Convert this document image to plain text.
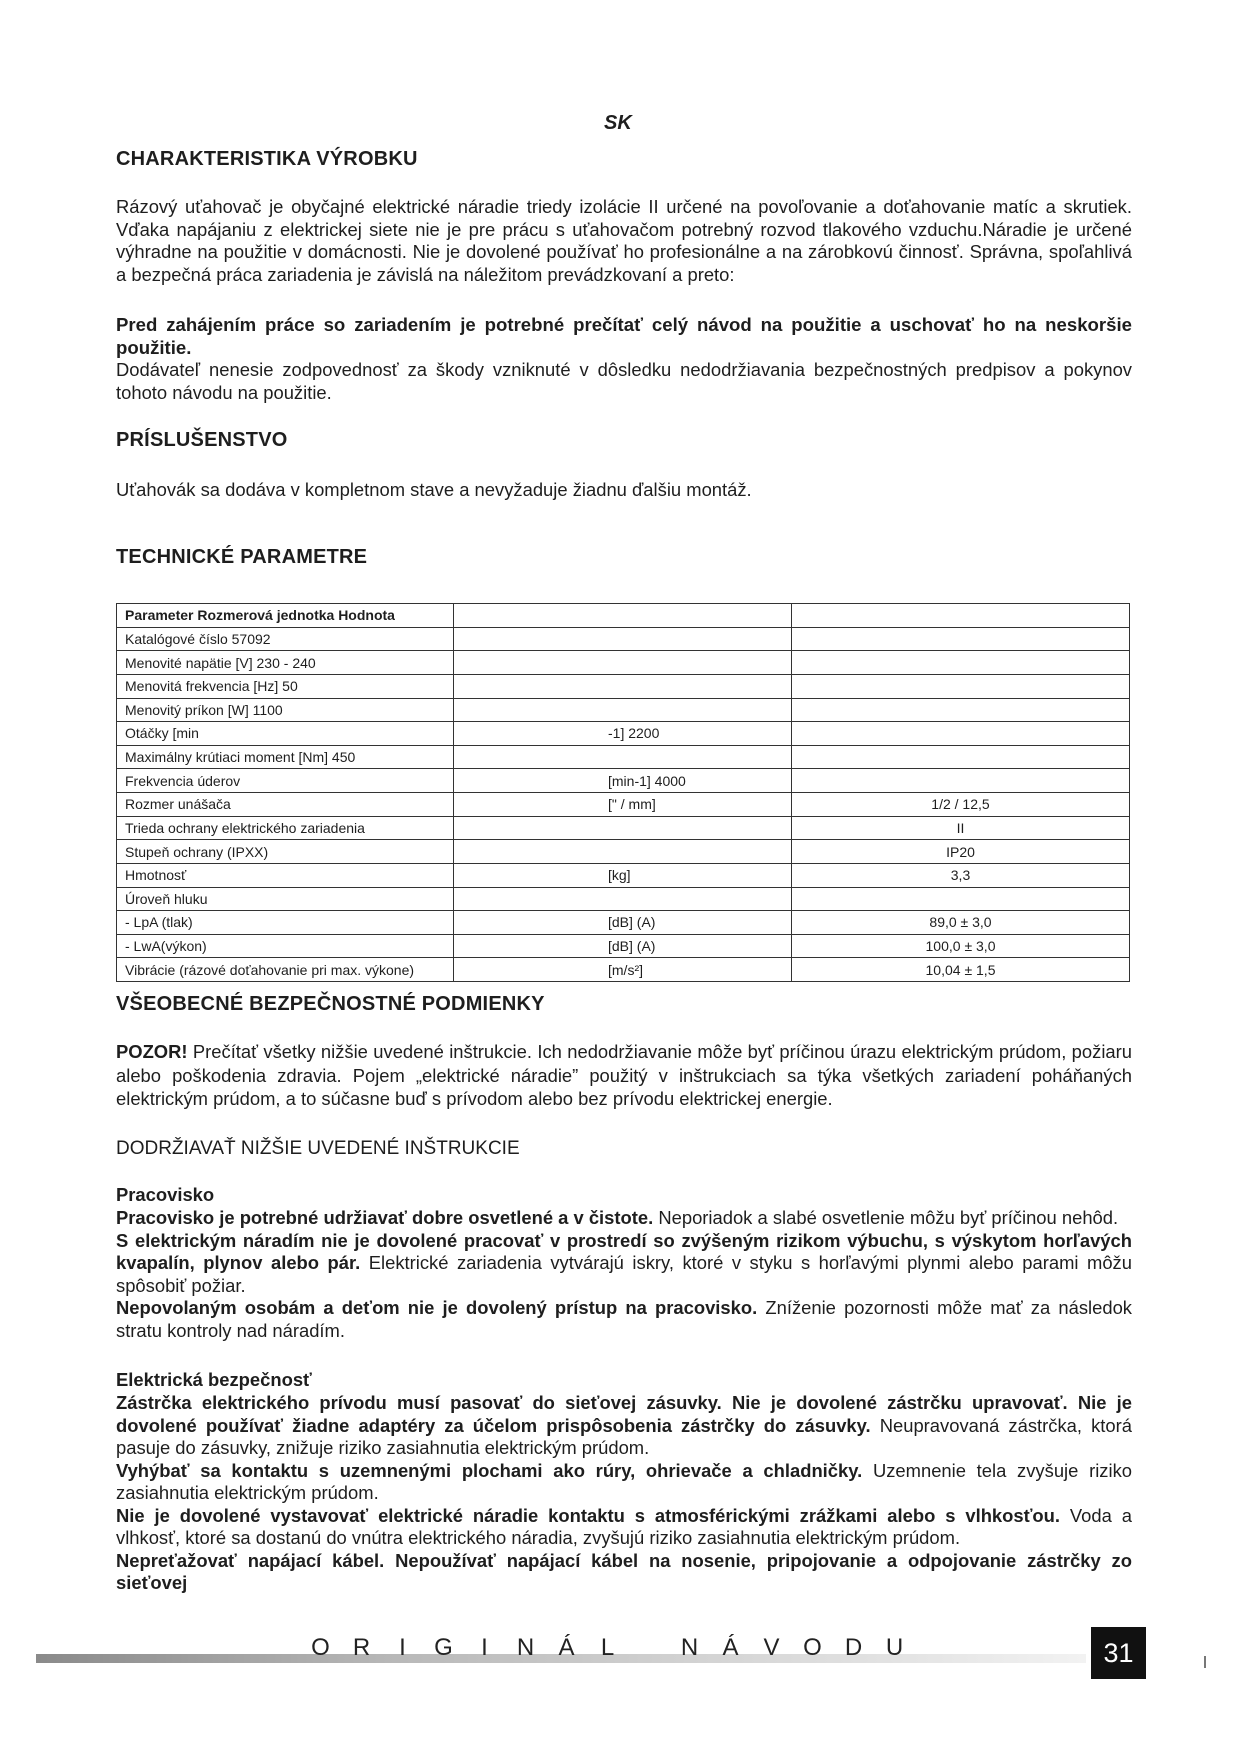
SK
CHARAKTERISTIKA VÝROBKU
Rázový uťahovač je obyčajné elektrické náradie triedy izolácie II určené na povoľovanie a doťahovanie matíc a skrutiek. Vďaka napájaniu z elektrickej siete nie je pre prácu s uťahovačom potrebný rozvod tlakového vzduchu.Náradie je určené výhradne na použitie v domácnosti. Nie je dovolené používať ho profesionálne a na zárobkovú činnosť. Správna, spoľahlivá a bezpečná práca zariadenia je závislá na náležitom prevádzkovaní a preto:
Pred zahájením práce so zariadením je potrebné prečítať celý návod na použitie a uschovať ho na neskoršie použitie.
Dodávateľ nenesie zodpovednosť za škody vzniknuté v dôsledku nedodržiavania bezpečnostných predpisov a pokynov tohoto návodu na použitie.
PRÍSLUŠENSTVO
Uťahovák sa dodáva v kompletnom stave a nevyžaduje žiadnu ďalšiu montáž.
TECHNICKÉ PARAMETRE
Parameter Rozmerová jednotka Hodnota		
Katalógové číslo 57092		
Menovité napätie [V] 230 - 240		
Menovitá frekvencia [Hz] 50		
Menovitý príkon [W] 1100		
Otáčky [min	-1] 2200	
Maximálny krútiaci moment [Nm] 450		
Frekvencia úderov	[min-1] 4000	
Rozmer unášača	[" / mm]	1/2 / 12,5
Trieda ochrany elektrického zariadenia		II
Stupeň ochrany (IPXX)		IP20
Hmotnosť	[kg]	3,3
Úroveň hluku		
- LpA (tlak)	[dB] (A)	89,0 ± 3,0
- LwA(výkon)	[dB] (A)	100,0 ± 3,0
Vibrácie (rázové doťahovanie pri max. výkone)	[m/s²]	10,04 ± 1,5
VŠEOBECNÉ BEZPEČNOSTNÉ PODMIENKY
POZOR! Prečítať všetky nižšie uvedené inštrukcie. Ich nedodržiavanie môže byť príčinou úrazu elektrickým prúdom, požiaru alebo poškodenia zdravia. Pojem „elektrické náradie” použitý v inštrukciach sa týka všetkých zariadení poháňaných elektrickým prúdom, a to súčasne buď s prívodom alebo bez prívodu elektrickej energie.
DODRŽIAVAŤ NIŽŠIE UVEDENÉ INŠTRUKCIE
Pracovisko
Pracovisko je potrebné udržiavať dobre osvetlené a v čistote. Neporiadok a slabé osvetlenie môžu byť príčinou nehôd.
S elektrickým náradím nie je dovolené pracovať v prostredí so zvýšeným rizikom výbuchu, s výskytom horľavých kvapalín, plynov alebo pár. Elektrické zariadenia vytvárajú iskry, ktoré v styku s horľavými plynmi alebo parami môžu spôsobiť požiar.
Nepovolaným osobám a deťom nie je dovolený prístup na pracovisko. Zníženie pozornosti môže mať za následok stratu kontroly nad náradím.
Elektrická bezpečnosť
Zástrčka elektrického prívodu musí pasovať do sieťovej zásuvky. Nie je dovolené zástrčku upravovať. Nie je dovolené používať žiadne adaptéry za účelom prispôsobenia zástrčky do zásuvky. Neupravovaná zástrčka, ktorá pasuje do zásuvky, znižuje riziko zasiahnutia elektrickým prúdom.
Vyhýbať sa kontaktu s uzemnenými plochami ako rúry, ohrievače a chladničky. Uzemnenie tela zvyšuje riziko zasiahnutia elektrickým prúdom.
Nie je dovolené vystavovať elektrické náradie kontaktu s atmosférickými zrážkami alebo s vlhkosťou. Voda a vlhkosť, ktoré sa dostanú do vnútra elektrického náradia, zvyšujú riziko zasiahnutia elektrickým prúdom.
Nepreťažovať napájací kábel. Nepoužívať napájací kábel na nosenie, pripojovanie a odpojovanie zástrčky zo sieťovej
O R I G I N Á L	N Á V O D U	31
